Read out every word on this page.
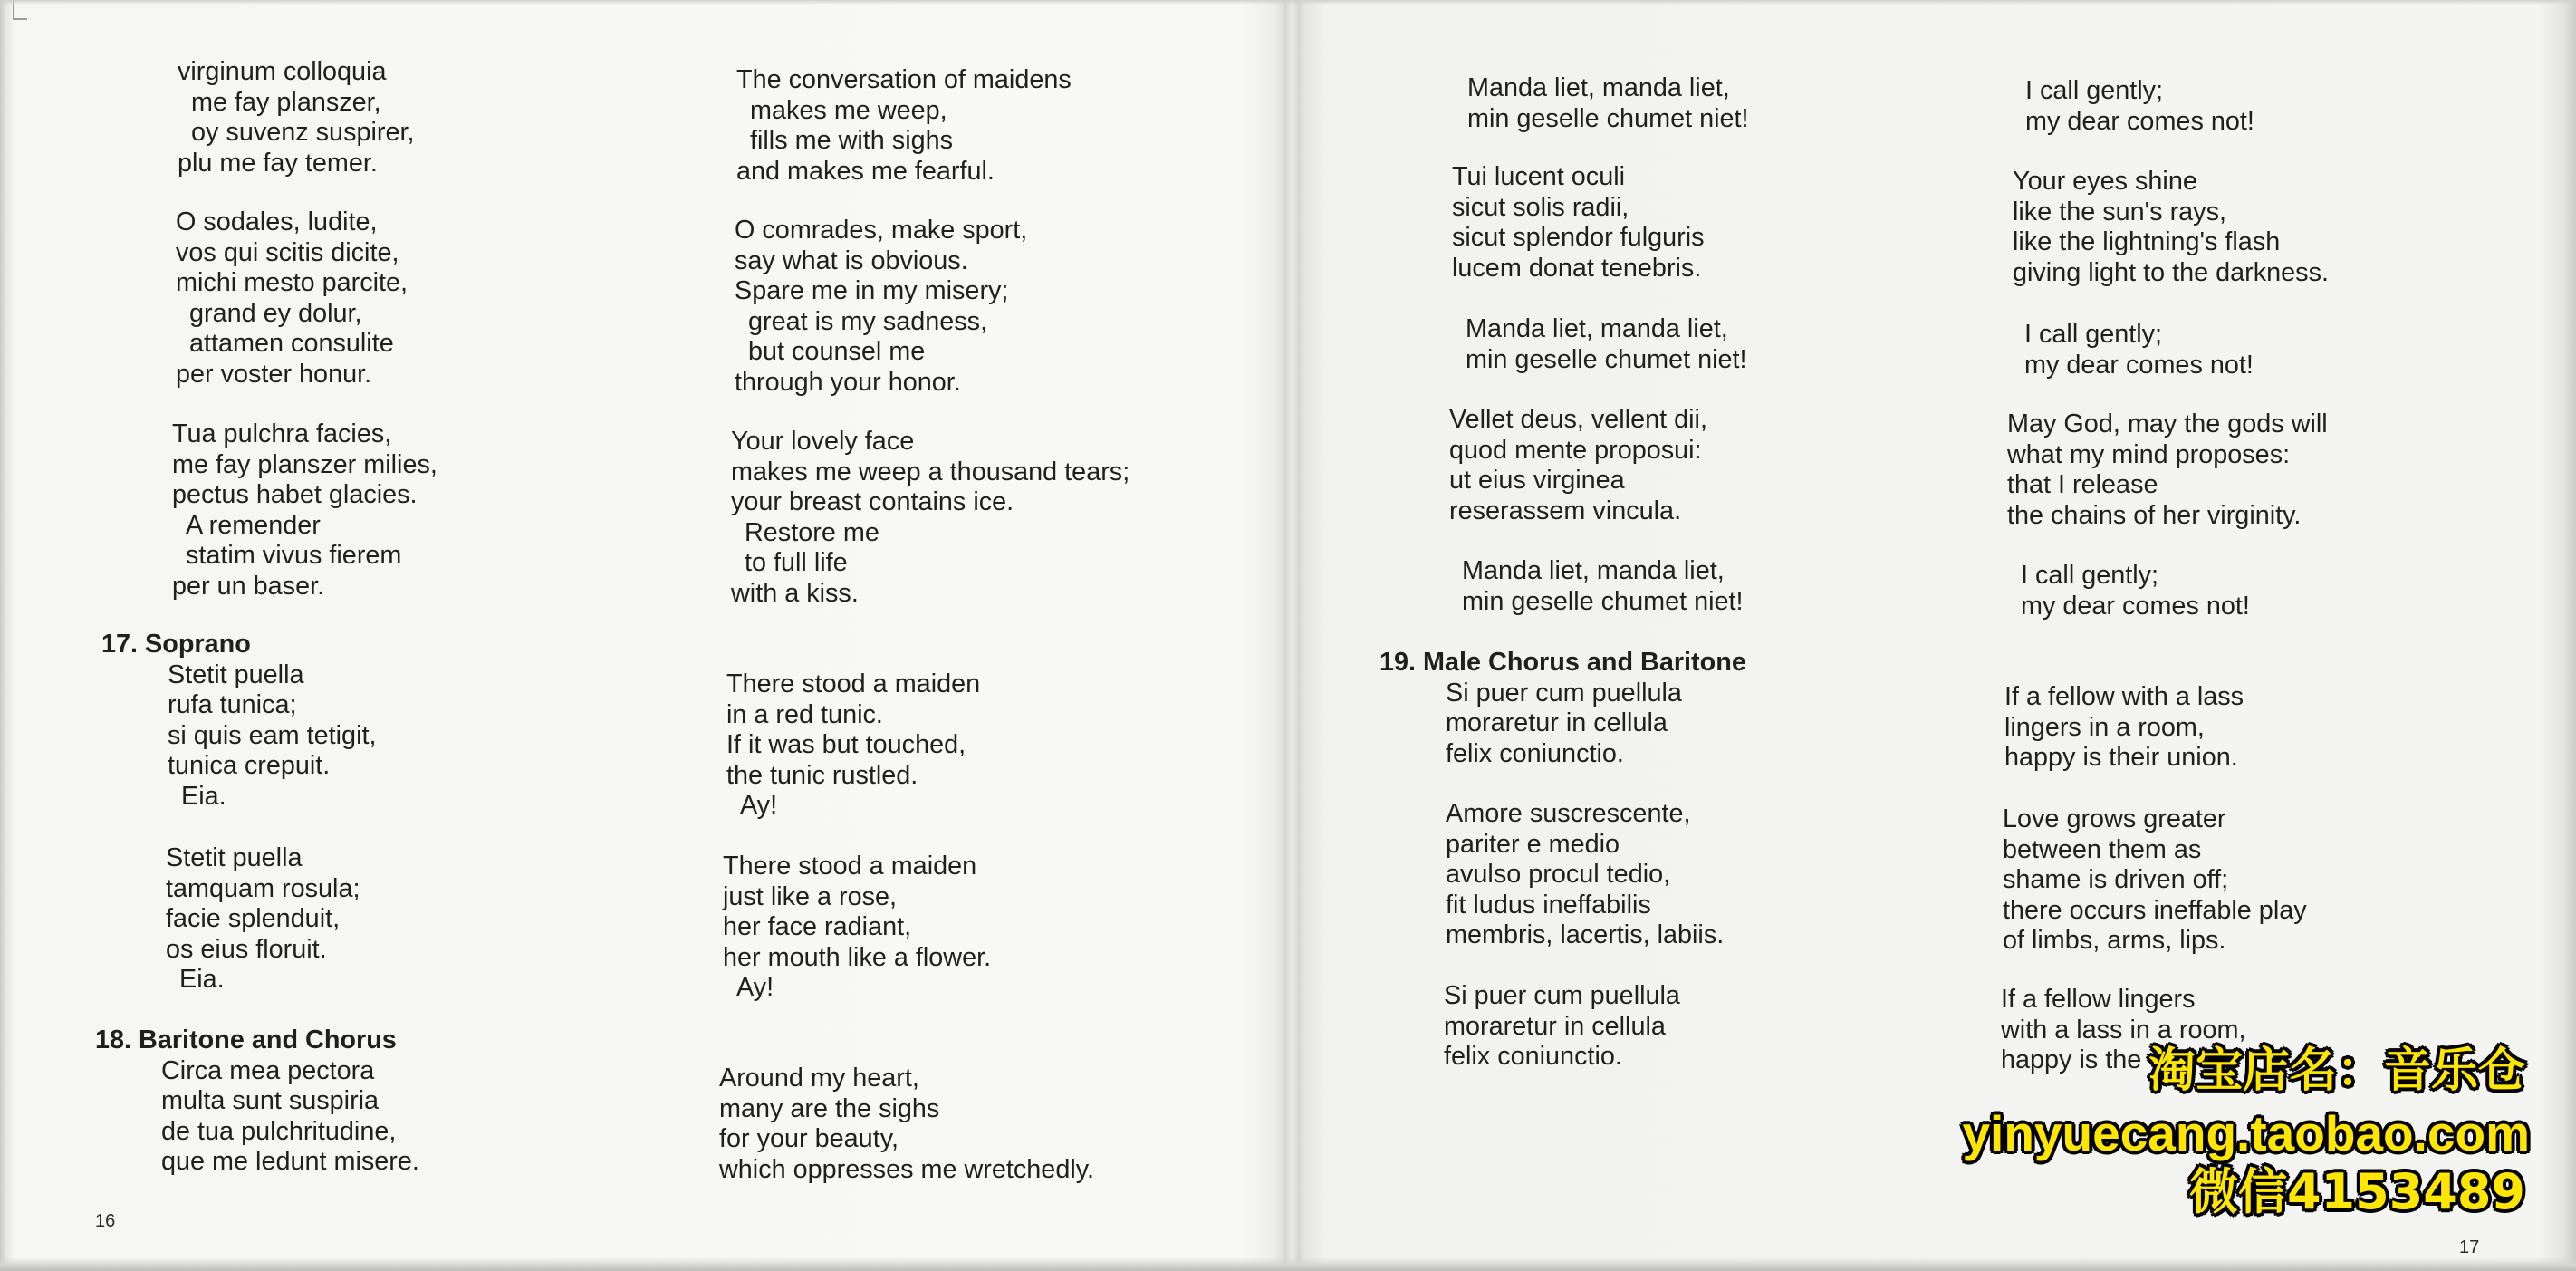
virginum colloquia
me fay planszer,
oy suvenz suspirer,
plu me fay temer.
O sodales, ludite,
vos qui scitis dicite,
michi mesto parcite,
grand ey dolur,
attamen consulite
per voster honur.
Tua pulchra facies,
me fay planszer milies,
pectus habet glacies.
A remender
statim vivus fierem
per un baser.
17. Soprano
Stetit puella
rufa tunica;
si quis eam tetigit,
tunica crepuit.
Eia.
Stetit puella
tamquam rosula;
facie splenduit,
os eius floruit.
Eia.
18. Baritone and Chorus
Circa mea pectora
multa sunt suspiria
de tua pulchritudine,
que me ledunt misere.
The conversation of maidens
makes me weep,
fills me with sighs
and makes me fearful.
O comrades, make sport,
say what is obvious.
Spare me in my misery;
great is my sadness,
but counsel me
through your honor.
Your lovely face
makes me weep a thousand tears;
your breast contains ice.
Restore me
to full life
with a kiss.
There stood a maiden
in a red tunic.
If it was but touched,
the tunic rustled.
Ay!
There stood a maiden
just like a rose,
her face radiant,
her mouth like a flower.
Ay!
Around my heart,
many are the sighs
for your beauty,
which oppresses me wretchedly.
16
Manda liet, manda liet,
min geselle chumet niet!
Tui lucent oculi
sicut solis radii,
sicut splendor fulguris
lucem donat tenebris.
Manda liet, manda liet,
min geselle chumet niet!
Vellet deus, vellent dii,
quod mente proposui:
ut eius virginea
reserassem vincula.
Manda liet, manda liet,
min geselle chumet niet!
19. Male Chorus and Baritone
Si puer cum puellula
moraretur in cellula
felix coniunctio.
Amore suscrescente,
pariter e medio
avulso procul tedio,
fit ludus ineffabilis
membris, lacertis, labiis.
Si puer cum puellula
moraretur in cellula
felix coniunctio.
I call gently;
my dear comes not!
Your eyes shine
like the sun's rays,
like the lightning's flash
giving light to the darkness.
I call gently;
my dear comes not!
May God, may the gods will
what my mind proposes:
that I release
the chains of her virginity.
I call gently;
my dear comes not!
If a fellow with a lass
lingers in a room,
happy is their union.
Love grows greater
between them as
shame is driven off;
there occurs ineffable play
of limbs, arms, lips.
If a fellow lingers
with a lass in a room,
happy is the
17
淘宝店名：音乐仓
yinyuecang.taobao.com
微信4153489
